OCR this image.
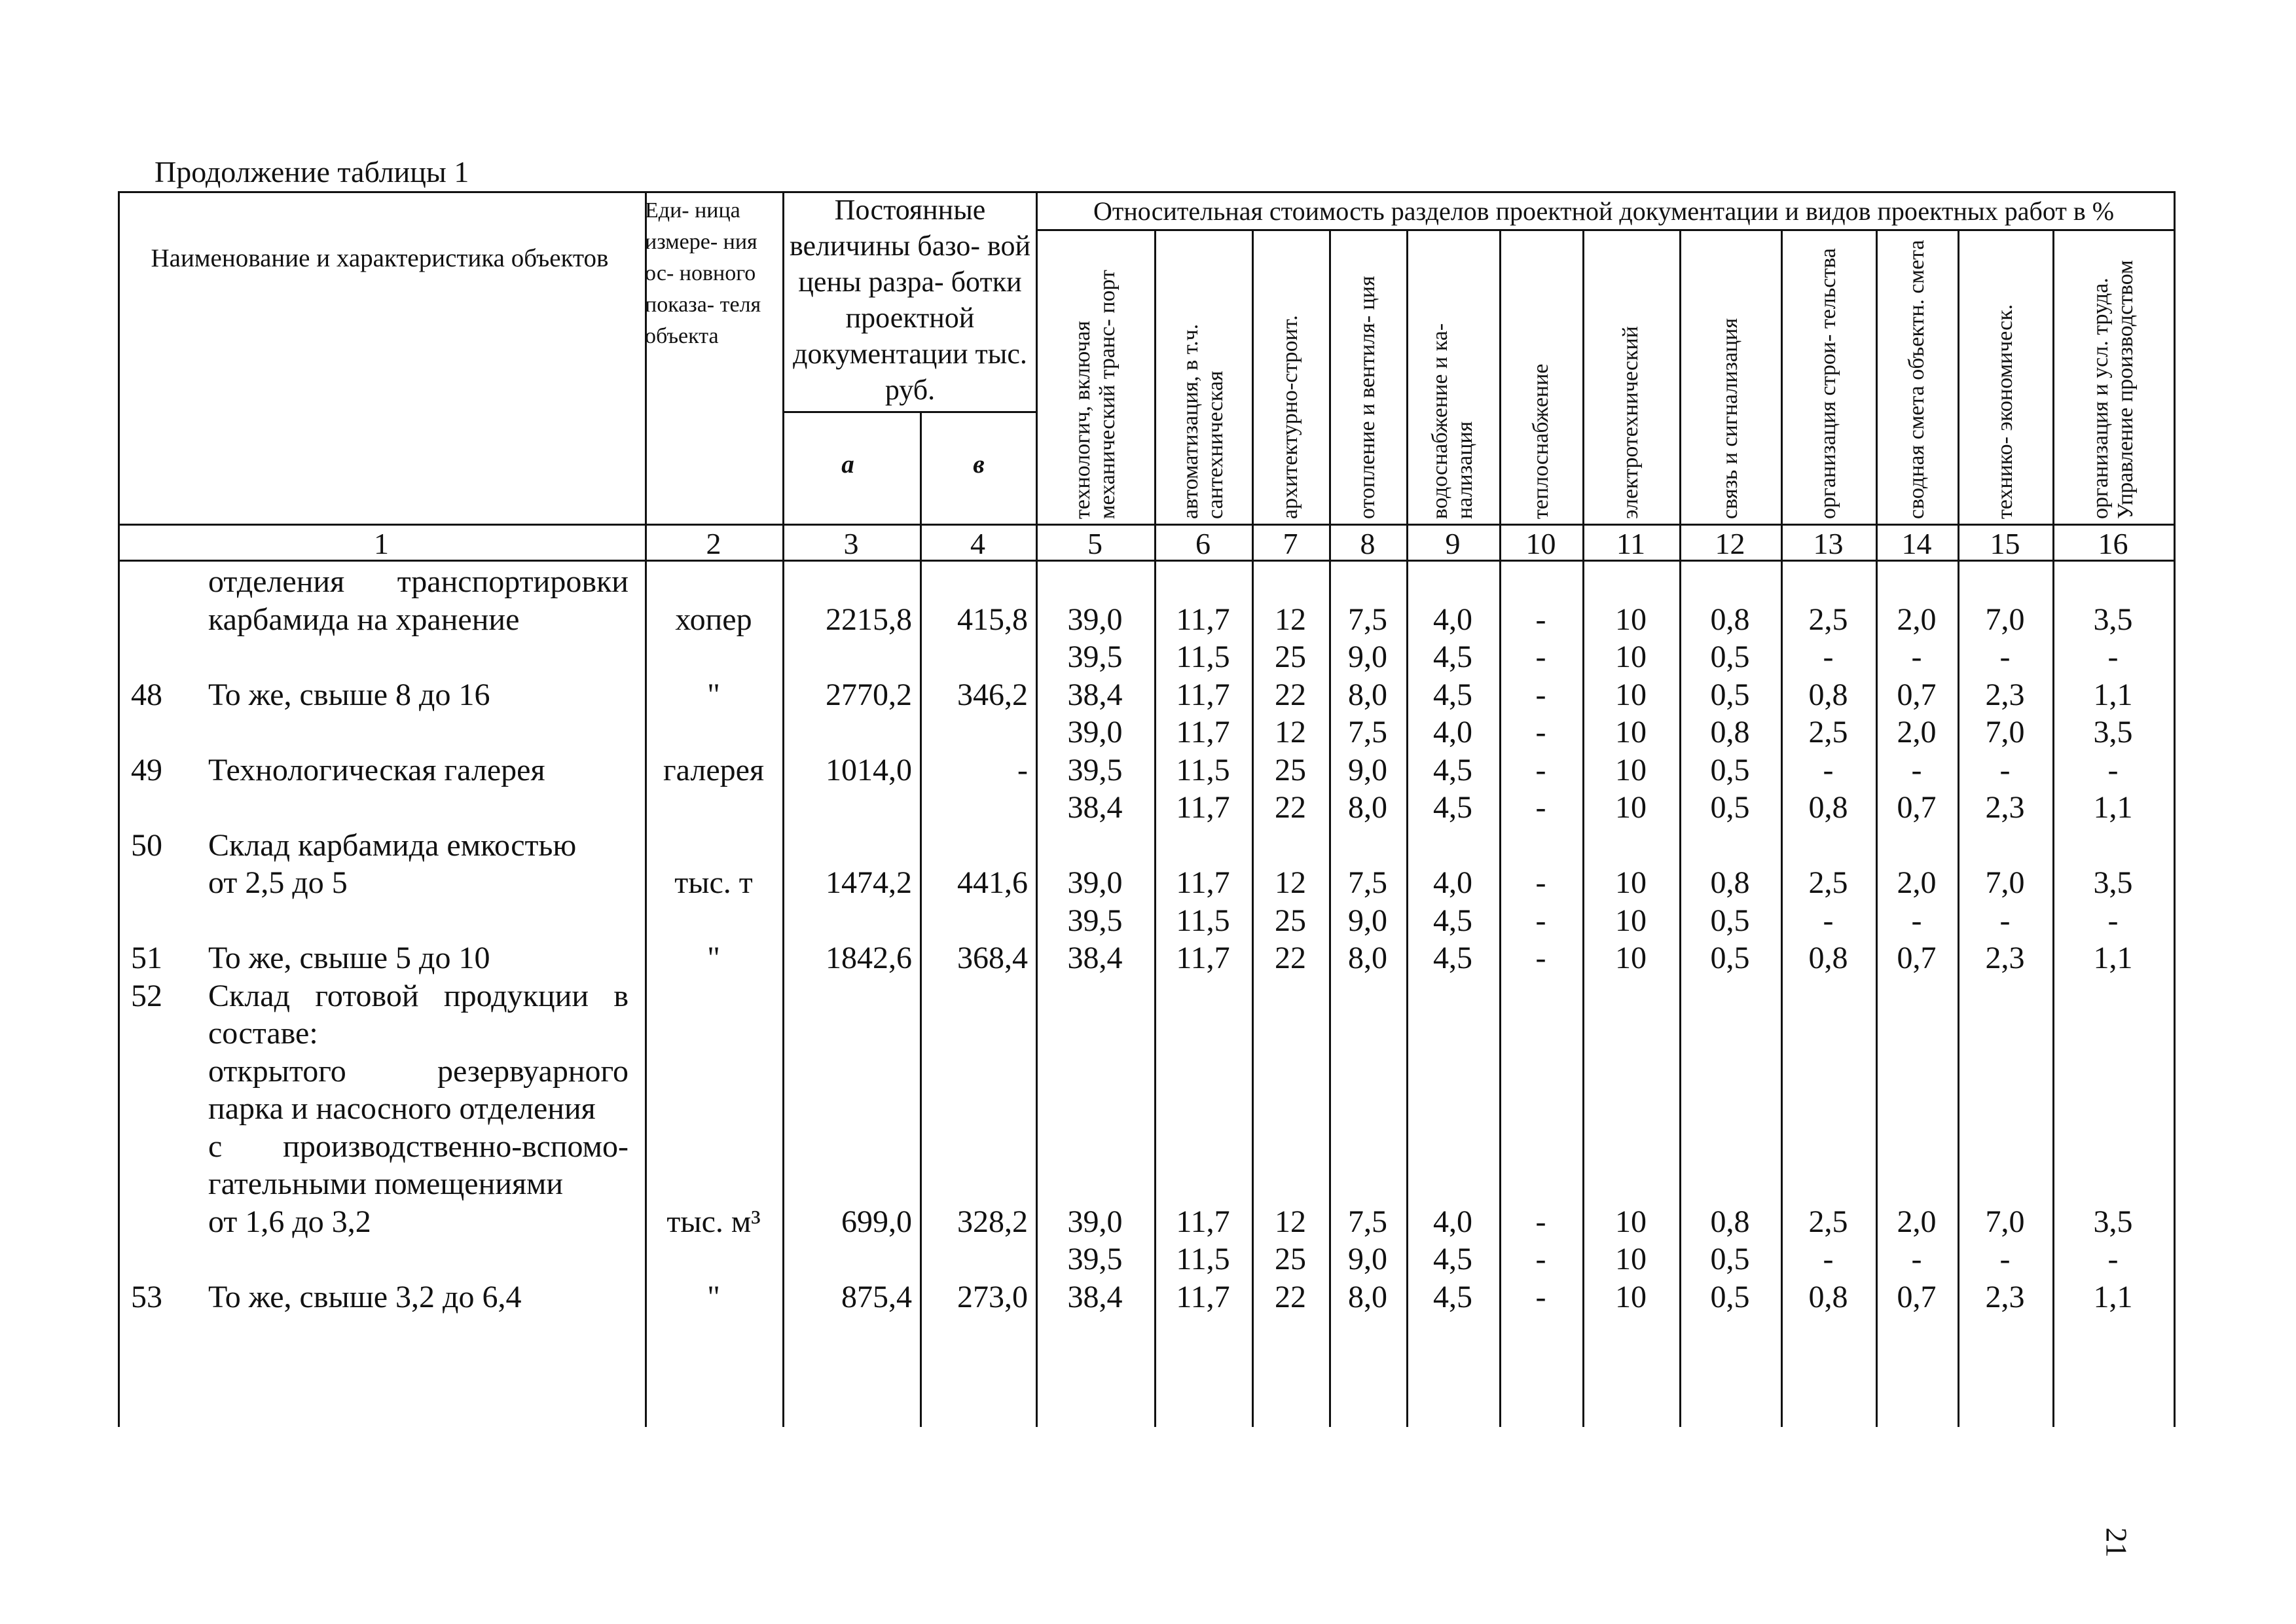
Продолжение таблицы 1
Наименование и характеристика объектов
Еди- ница измере- ния ос- новного показа- теля объекта
Постоянные величины базо- вой цены разра- ботки проектной документации тыс. руб.
а	в
Относительная стоимость разделов проектной документации и видов проектных работ в %
технологич, включая механический транс- порт	автоматизация, в т.ч. сантехническая	архитектурно-строит.	отопление и вентиля- ция	водоснабжение и ка- нализация	теплоснабжение	электротехнический	связь и сигнализация	организация строи- тельства	сводная смета объектн. смета	технико- экономическ.	организация и усл. труда. Управление производством
1	2	3	4	5	6	7	8	9	10	11	12	13	14	15	16
отделения транспортировки
карбамида на хранение	хопер	2215,8	415,8	39,0	11,7	12	7,5	4,0	-	10	0,8	2,5	2,0	7,0	3,5
39,5	11,5	25	9,0	4,5	-	10	0,5	-	-	-	-
48	То же, свыше 8 до 16	"	2770,2	346,2	38,4	11,7	22	8,0	4,5	-	10	0,5	0,8	0,7	2,3	1,1
39,0	11,7	12	7,5	4,0	-	10	0,8	2,5	2,0	7,0	3,5
49	Технологическая галерея	галерея	1014,0	-	39,5	11,5	25	9,0	4,5	-	10	0,5	-	-	-	-
38,4	11,7	22	8,0	4,5	-	10	0,5	0,8	0,7	2,3	1,1
50	Склад карбамида емкостью
от 2,5 до 5	тыс. т	1474,2	441,6	39,0	11,7	12	7,5	4,0	-	10	0,8	2,5	2,0	7,0	3,5
39,5	11,5	25	9,0	4,5	-	10	0,5	-	-	-	-
51	То же, свыше 5 до 10	"	1842,6	368,4	38,4	11,7	22	8,0	4,5	-	10	0,5	0,8	0,7	2,3	1,1
52	Склад готовой продукции в
составе:
открытого резервуарного
парка и насосного отделения
с производственно-вспомо-
гательными помещениями
от 1,6 до 3,2	тыс. м³	699,0	328,2	39,0	11,7	12	7,5	4,0	-	10	0,8	2,5	2,0	7,0	3,5
39,5	11,5	25	9,0	4,5	-	10	0,5	-	-	-	-
53	То же, свыше 3,2 до 6,4	"	875,4	273,0	38,4	11,7	22	8,0	4,5	-	10	0,5	0,8	0,7	2,3	1,1
21
